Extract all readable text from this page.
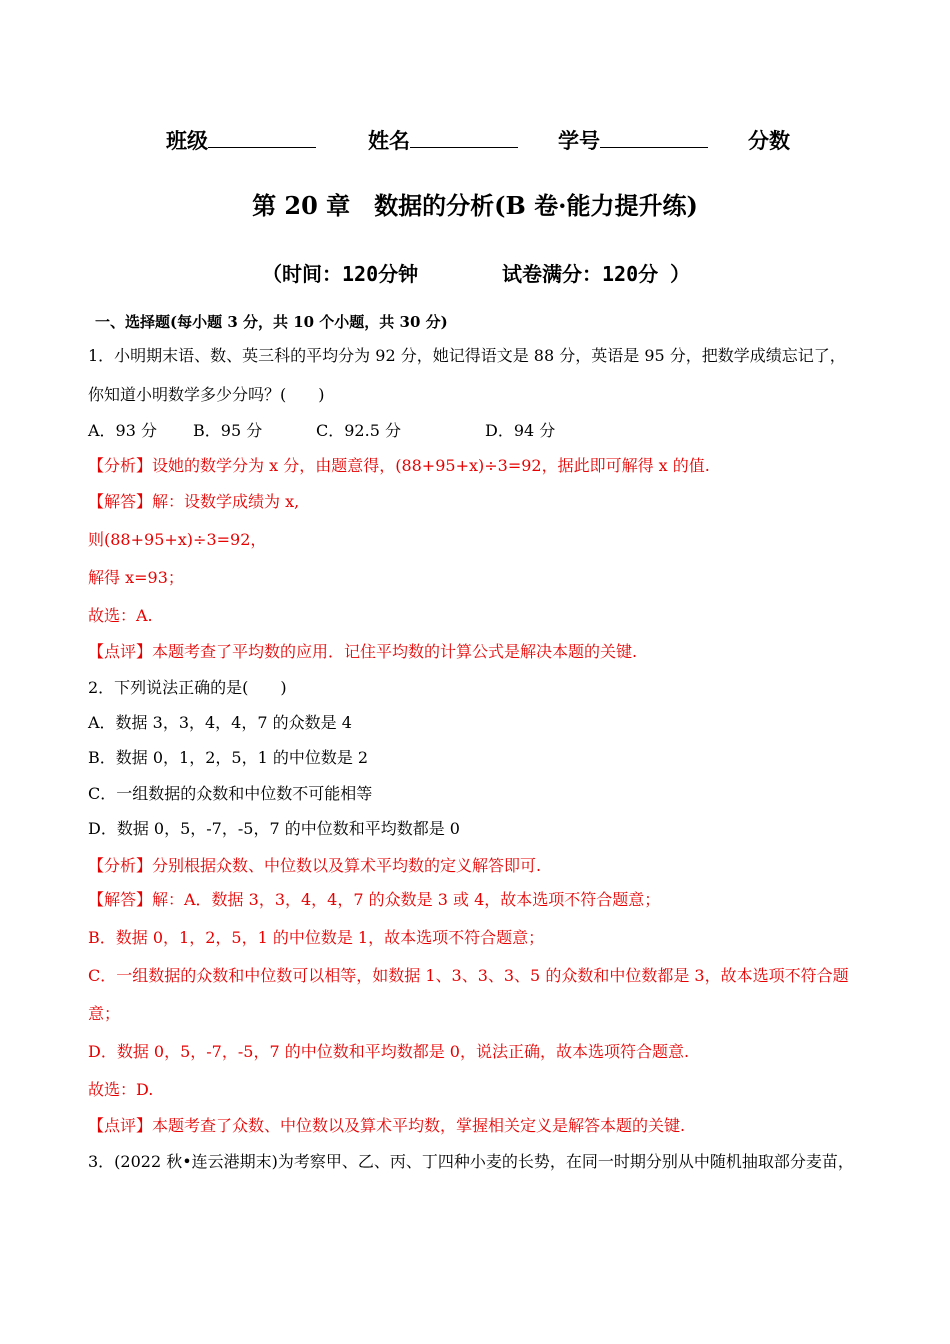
班级	姓名	学号	分数
第 20 章　数据的分析(B 卷·能力提升练)
（时间：120分钟	试卷满分：120分 ）
一、选择题(每小题 3 分，共 10 个小题，共 30 分)
1．小明期末语、数、英三科的平均分为 92 分，她记得语文是 88 分，英语是 95 分，把数学成绩忘记了，
你知道小明数学多少分吗？(　　)
A．93 分 B．95 分	C．92.5 分	D．94 分
【分析】设她的数学分为 x 分，由题意得，(88+95+x)÷3=92，据此即可解得 x 的值.
【解答】解：设数学成绩为 x,
则(88+95+x)÷3=92，
解得 x=93；
故选：A.
【点评】本题考查了平均数的应用．记住平均数的计算公式是解决本题的关键.
2．下列说法正确的是(　　)
A．数据 3，3，4，4，7 的众数是 4
B．数据 0，1，2，5，1 的中位数是 2
C．一组数据的众数和中位数不可能相等
D．数据 0，5，-7，-5，7 的中位数和平均数都是 0
【分析】分别根据众数、中位数以及算术平均数的定义解答即可.
【解答】解：A．数据 3，3，4，4，7 的众数是 3 或 4，故本选项不符合题意；
B．数据 0，1，2，5，1 的中位数是 1，故本选项不符合题意；
C．一组数据的众数和中位数可以相等，如数据 1、3、3、3、5 的众数和中位数都是 3，故本选项不符合题
意；
D．数据 0，5，-7，-5，7 的中位数和平均数都是 0，说法正确，故本选项符合题意.
故选：D.
【点评】本题考查了众数、中位数以及算术平均数，掌握相关定义是解答本题的关键.
3．(2022 秋•连云港期末)为考察甲、乙、丙、丁四种小麦的长势，在同一时期分别从中随机抽取部分麦苗，
